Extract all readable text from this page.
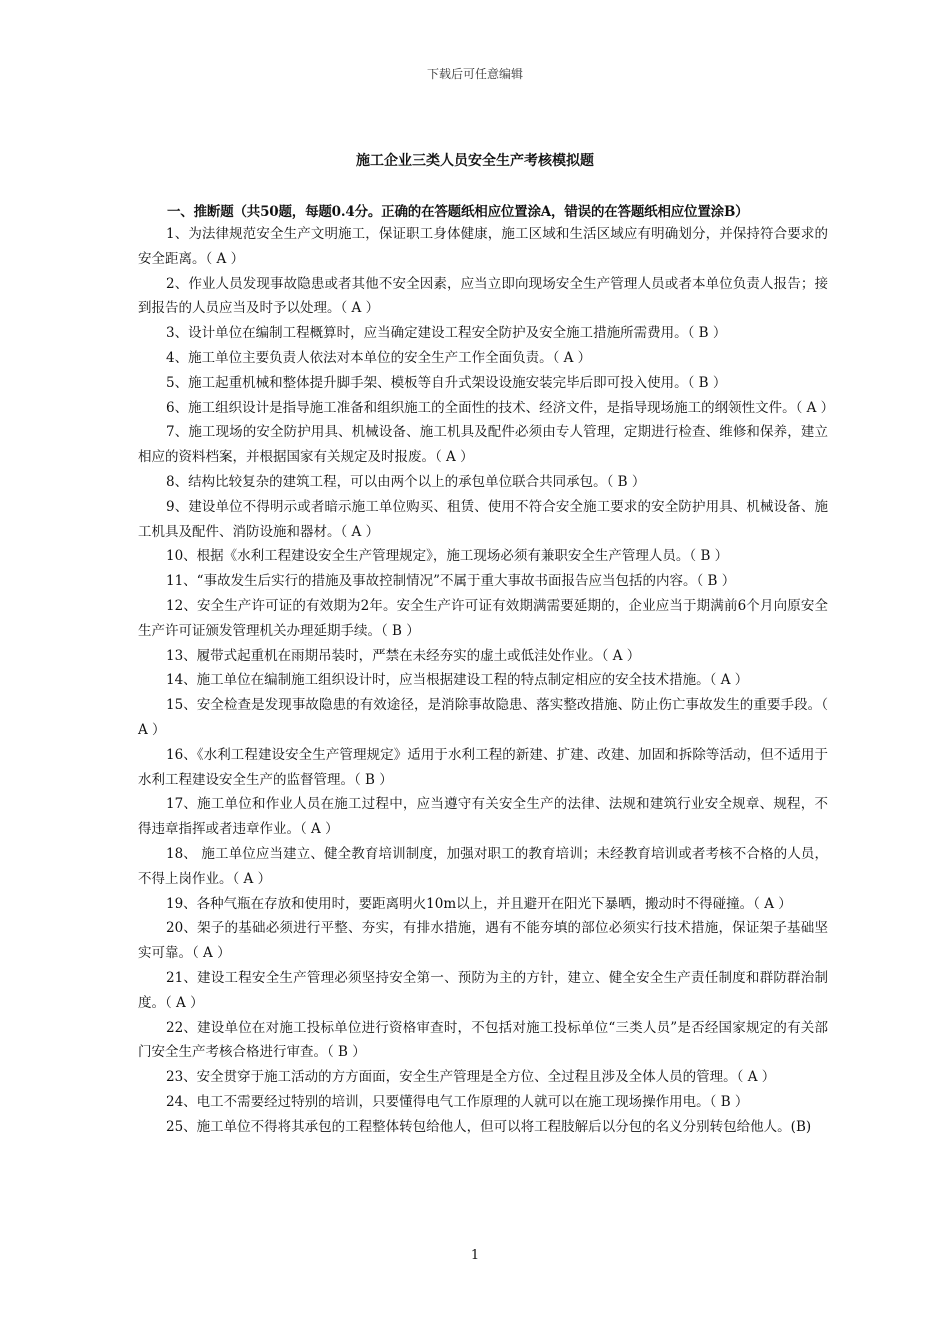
下载后可任意编辑
施工企业三类人员安全生产考核模拟题
一、推断题（共50题，每题0.4分。正确的在答题纸相应位置涂A，错误的在答题纸相应位置涂B）

1、为法律规范安全生产文明施工，保证职工身体健康，施工区域和生活区域应有明确划分，并保持符合要求的安全距离。（ A ）

2、作业人员发现事故隐患或者其他不安全因素，应当立即向现场安全生产管理人员或者本单位负责人报告；接到报告的人员应当及时予以处理。（ A ）

3、设计单位在编制工程概算时，应当确定建设工程安全防护及安全施工措施所需费用。（ B ）

4、施工单位主要负责人依法对本单位的安全生产工作全面负责。（ A ）

5、施工起重机械和整体提升脚手架、模板等自升式架设设施安装完毕后即可投入使用。（ B ）

6、施工组织设计是指导施工准备和组织施工的全面性的技术、经济文件，是指导现场施工的纲领性文件。（ A ）

7、施工现场的安全防护用具、机械设备、施工机具及配件必须由专人管理，定期进行检查、维修和保养，建立相应的资料档案，并根据国家有关规定及时报废。（ A ）

8、结构比较复杂的建筑工程，可以由两个以上的承包单位联合共同承包。（ B ）

9、建设单位不得明示或者暗示施工单位购买、租赁、使用不符合安全施工要求的安全防护用具、机械设备、施工机具及配件、消防设施和器材。（ A ）

10、根据《水利工程建设安全生产管理规定》，施工现场必须有兼职安全生产管理人员。（ B ）

11、“事故发生后实行的措施及事故控制情况”不属于重大事故书面报告应当包括的内容。（ B ）

12、安全生产许可证的有效期为2年。安全生产许可证有效期满需要延期的，企业应当于期满前6个月向原安全生产许可证颁发管理机关办理延期手续。（ B ）

13、履带式起重机在雨期吊装时，严禁在未经夯实的虚土或低洼处作业。（ A ）

14、施工单位在编制施工组织设计时，应当根据建设工程的特点制定相应的安全技术措施。（ A ）

15、安全检查是发现事故隐患的有效途径，是消除事故隐患、落实整改措施、防止伤亡事故发生的重要手段。（ A ）

16、《水利工程建设安全生产管理规定》适用于水利工程的新建、扩建、改建、加固和拆除等活动，但不适用于水利工程建设安全生产的监督管理。（ B ）

17、施工单位和作业人员在施工过程中，应当遵守有关安全生产的法律、法规和建筑行业安全规章、规程，不得违章指挥或者违章作业。（ A ）

18、 施工单位应当建立、健全教育培训制度，加强对职工的教育培训；未经教育培训或者考核不合格的人员，不得上岗作业。（ A ）

19、各种气瓶在存放和使用时，要距离明火10m以上，并且避开在阳光下暴晒，搬动时不得碰撞。（ A ）

20、架子的基础必须进行平整、夯实，有排水措施，遇有不能夯填的部位必须实行技术措施，保证架子基础坚实可靠。（ A ）

21、建设工程安全生产管理必须坚持安全第一、预防为主的方针，建立、健全安全生产责任制度和群防群治制度。（ A ）

22、建设单位在对施工投标单位进行资格审查时，不包括对施工投标单位“三类人员”是否经国家规定的有关部门安全生产考核合格进行审查。（ B ）

23、安全贯穿于施工活动的方方面面，安全生产管理是全方位、全过程且涉及全体人员的管理。（ A ）

24、电工不需要经过特别的培训，只要懂得电气工作原理的人就可以在施工现场操作用电。（ B ）

25、施工单位不得将其承包的工程整体转包给他人，但可以将工程肢解后以分包的名义分别转包给他人。(B)

1
